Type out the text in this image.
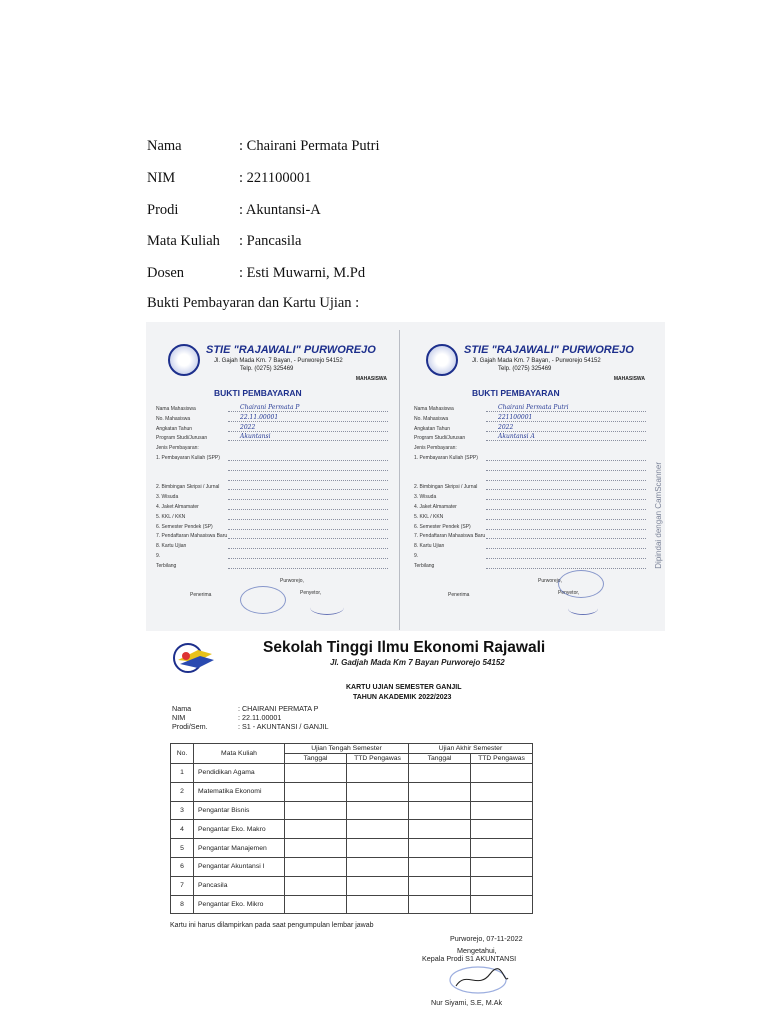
Nama	: Chairani Permata Putri
NIM	: 221100001
Prodi	: Akuntansi-A
Mata Kuliah : Pancasila
Dosen	: Esti Muwarni, M.Pd
Bukti Pembayaran dan Kartu Ujian :
STIE "RAJAWALI" PURWOREJO
Jl. Gajah Mada Km. 7 Bayan, - Purworejo 54152
Telp. (0275) 325469
MAHASISWA
BUKTI PEMBAYARAN
Nama Mahasiswa	Chairani Permata P
No. Mahasiswa	22.11.00001
Angkatan Tahun	2022
Program Studi/Jurusan	Akuntansi
Jenis Pembayaran:
1. Pembayaran Kuliah (SPP)
2. Bimbingan Skripsi / Jurnal
3. Wisuda
4. Jaket Almamater
5. KKL / KKN
6. Semester Pendek (SP)
7. Pendaftaran Mahasiswa Baru
8. Kartu Ujian
9.
Terbilang
Purworejo,
Penerima	Penyetor,
STIE "RAJAWALI" PURWOREJO
Jl. Gajah Mada Km. 7 Bayan, - Purworejo 54152
Telp. (0275) 325469
MAHASISWA
BUKTI PEMBAYARAN
Nama Mahasiswa	Chairani Permata Putri
No. Mahasiswa	221100001
Angkatan Tahun	2022
Program Studi/Jurusan	Akuntansi A
Jenis Pembayaran:
1. Pembayaran Kuliah (SPP)
2. Bimbingan Skripsi / Jurnal
3. Wisuda
4. Jaket Almamater
5. KKL / KKN
6. Semester Pendek (SP)
7. Pendaftaran Mahasiswa Baru
8. Kartu Ujian
9.
Terbilang
Purworejo,
Penerima	Penyetor,
Dipindai dengan CamScanner
Sekolah Tinggi Ilmu Ekonomi Rajawali
Jl. Gadjah Mada Km 7 Bayan Purworejo 54152
KARTU UJIAN SEMESTER GANJIL
TAHUN AKADEMIK 2022/2023
Nama	: CHAIRANI PERMATA P
NIM	: 22.11.00001
Prodi/Sem.	: S1 - AKUNTANSI / GANJIL
No.	Mata Kuliah	Ujian Tengah Semester		Ujian Akhir Semester	
		Tanggal	TTD Pengawas	Tanggal	TTD Pengawas
1	Pendidikan Agama				
2	Matematika Ekonomi				
3	Pengantar Bisnis				
4	Pengantar Eko. Makro				
5	Pengantar Manajemen				
6	Pengantar Akuntansi I				
7	Pancasila				
8	Pengantar Eko. Mikro				
Kartu ini harus dilampirkan pada saat pengumpulan lembar jawab
Purworejo, 07-11-2022
Mengetahui,
Kepala Prodi S1 AKUNTANSI
Nur Siyami, S.E, M.Ak
